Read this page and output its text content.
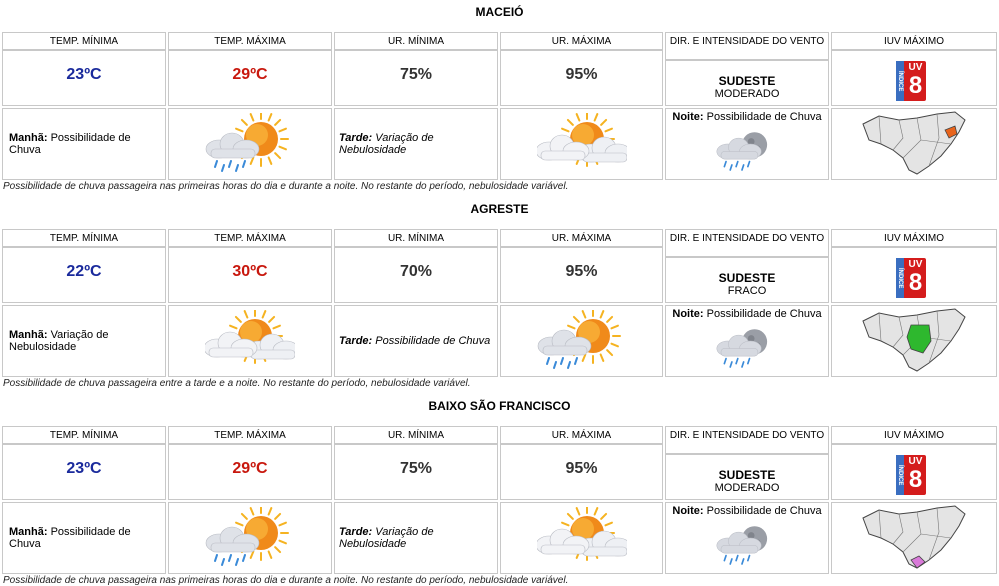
MACEIÓ
TEMP. MÍNIMA
23ºC
TEMP. MÁXIMA
29ºC
UR. MÍNIMA
75%
UR. MÁXIMA
95%
DIR. E INTENSIDADE DO VENTO
SUDESTE
MODERADO
IUV MÁXIMO
ÍNDICE
UV
8
Manhã: Possibilidade de Chuva
Tarde: Variação de Nebulosidade
Noite: Possibilidade de Chuva
Possibilidade de chuva passageira nas primeiras horas do dia e durante a noite. No restante do período, nebulosidade variável.
AGRESTE
TEMP. MÍNIMA
22ºC
TEMP. MÁXIMA
30ºC
UR. MÍNIMA
70%
UR. MÁXIMA
95%
DIR. E INTENSIDADE DO VENTO
SUDESTE
FRACO
IUV MÁXIMO
ÍNDICE
UV
8
Manhã: Variação de Nebulosidade	Tarde: Possibilidade de Chuva
Noite: Possibilidade de Chuva
Possibilidade de chuva passageira entre a tarde e a noite. No restante do período, nebulosidade variável.
BAIXO SÃO FRANCISCO
TEMP. MÍNIMA
23ºC
TEMP. MÁXIMA
29ºC
UR. MÍNIMA
75%
UR. MÁXIMA
95%
DIR. E INTENSIDADE DO VENTO
SUDESTE
MODERADO
IUV MÁXIMO
ÍNDICE
UV
8
Manhã: Possibilidade de Chuva
Tarde: Variação de Nebulosidade
Noite: Possibilidade de Chuva
Possibilidade de chuva passageira nas primeiras horas do dia e durante a noite. No restante do período, nebulosidade variável.
